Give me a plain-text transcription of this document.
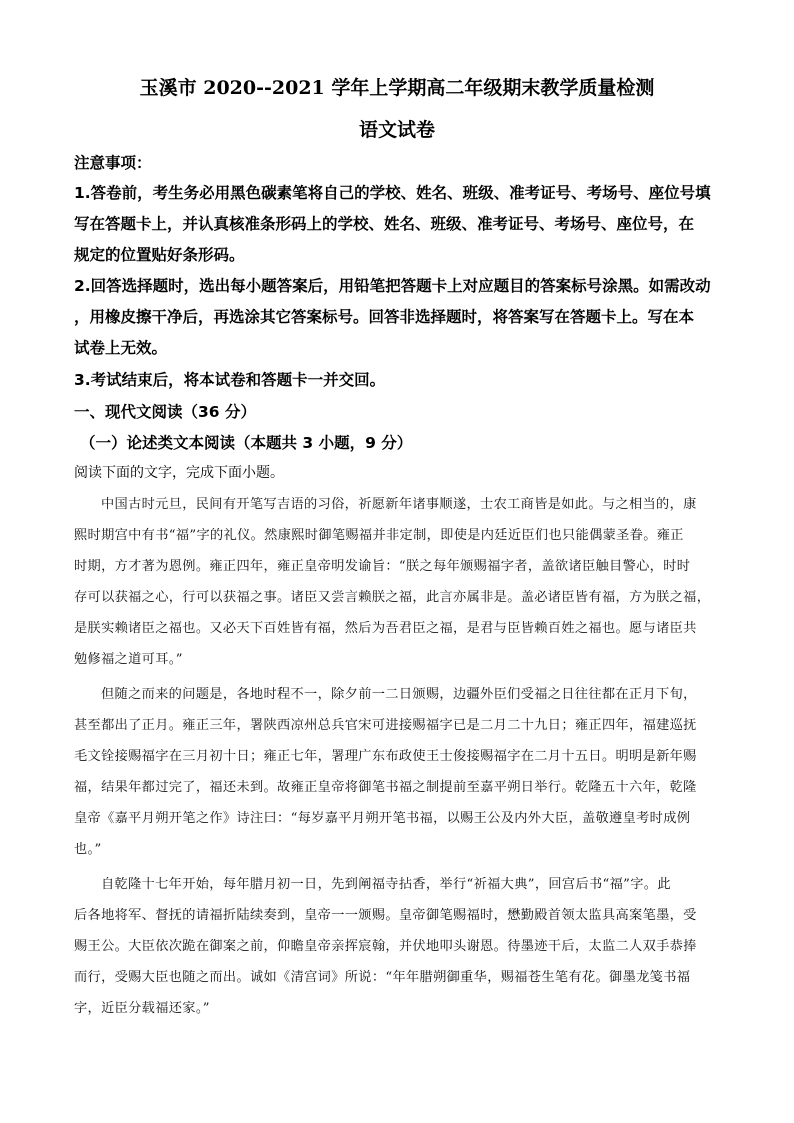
玉溪市 2020--2021 学年上学期高二年级期末教学质量检测
语文试卷
注意事项：
1.答卷前，考生务必用黑色碳素笔将自己的学校、姓名、班级、准考证号、考场号、座位号填
写在答题卡上，并认真核准条形码上的学校、姓名、班级、准考证号、考场号、座位号，在
规定的位置贴好条形码。
2.回答选择题时，选出每小题答案后，用铅笔把答题卡上对应题目的答案标号涂黑。如需改动
，用橡皮擦干净后，再选涂其它答案标号。回答非选择题时，将答案写在答题卡上。写在本
试卷上无效。
3.考试结束后，将本试卷和答题卡一并交回。
一、现代文阅读（36 分）
（一）论述类文本阅读（本题共 3 小题，9 分）
阅读下面的文字，完成下面小题。
中国古时元旦，民间有开笔写吉语的习俗，祈愿新年诸事顺遂，士农工商皆是如此。与之相当的，康
熙时期宫中有书“福”字的礼仪。然康熙时御笔赐福并非定制，即使是内廷近臣们也只能偶蒙圣眷。雍正
时期，方才著为恩例。雍正四年，雍正皇帝明发谕旨：“朕之每年颁赐福字者，盖欲诸臣触目警心，时时
存可以获福之心，行可以获福之事。诸臣又尝言赖朕之福，此言亦属非是。盖必诸臣皆有福，方为朕之福，
是朕实赖诸臣之福也。又必天下百姓皆有福，然后为吾君臣之福，是君与臣皆赖百姓之福也。愿与诸臣共
勉修福之道可耳。”
但随之而来的问题是，各地时程不一，除夕前一二日颁赐，边疆外臣们受福之日往往都在正月下旬，
甚至都出了正月。雍正三年，署陕西凉州总兵官宋可进接赐福字已是二月二十九日；雍正四年，福建巡抚
毛文铨接赐福字在三月初十日；雍正七年，署理广东布政使王士俊接赐福字在二月十五日。明明是新年赐
福，结果年都过完了，福还未到。故雍正皇帝将御笔书福之制提前至嘉平朔日举行。乾隆五十六年，乾隆
皇帝《嘉平月朔开笔之作》诗注曰：“每岁嘉平月朔开笔书福，以赐王公及内外大臣，盖敬遵皇考时成例
也。”
自乾隆十七年开始，每年腊月初一日，先到阐福寺拈香，举行“祈福大典”，回宫后书“福”字。此
后各地将军、督抚的请福折陆续奏到，皇帝一一颁赐。皇帝御笔赐福时，懋勤殿首领太监具高案笔墨，受
赐王公。大臣依次跪在御案之前，仰瞻皇帝亲挥宸翰，并伏地叩头谢恩。待墨迹干后，太监二人双手恭捧
而行，受赐大臣也随之而出。诚如《清宫词》所说：“年年腊朔御重华，赐福苍生笔有花。御墨龙笺书福
字，近臣分载福还家。”
